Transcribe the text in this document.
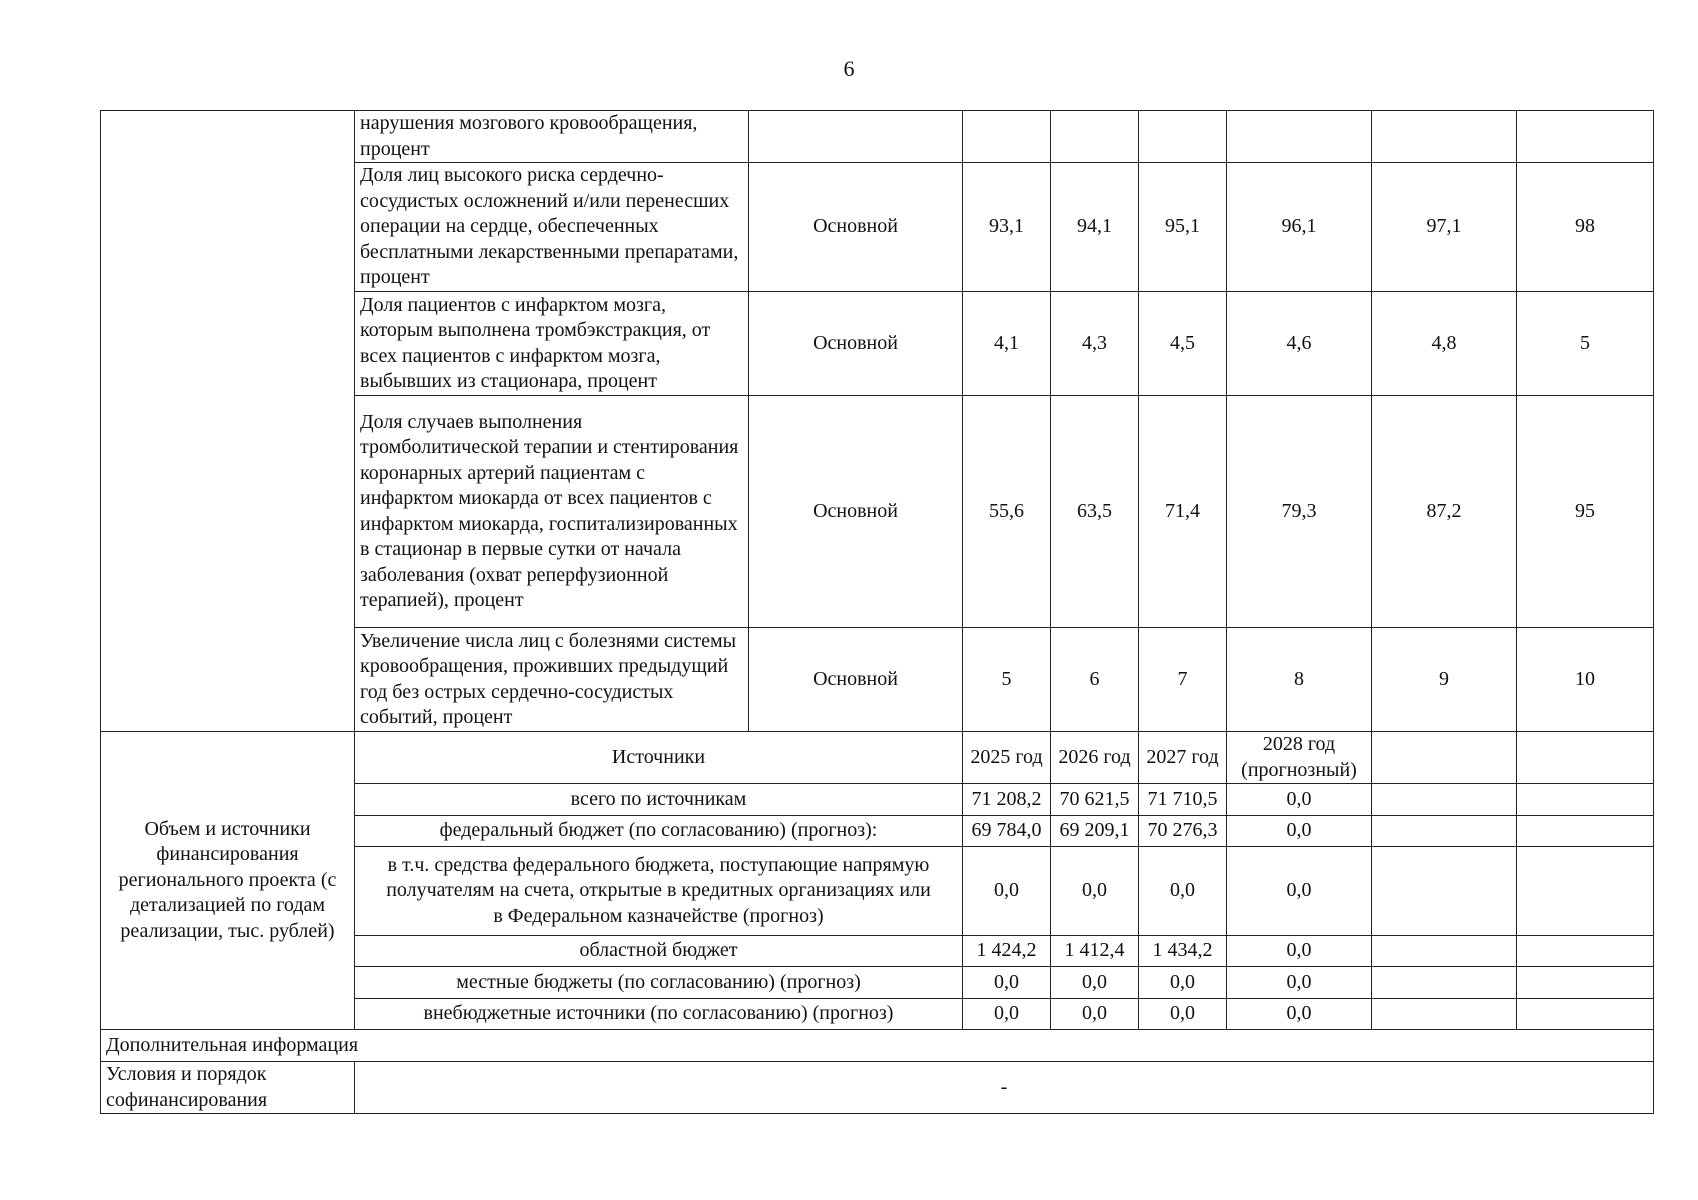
6
	нарушения мозгового кровообращения, процент							
	Доля лиц высокого риска сердечно-сосудистых осложнений и/или перенесших операции на сердце, обеспеченных бесплатными лекарственными препаратами, процент	Основной	93,1	94,1	95,1	96,1	97,1	98
	Доля пациентов с инфарктом мозга, которым выполнена тромбэкстракция, от всех пациентов с инфарктом мозга, выбывших из стационара, процент	Основной	4,1	4,3	4,5	4,6	4,8	5
	Доля случаев выполнения тромболитической терапии и стентирования коронарных артерий пациентам с инфарктом миокарда от всех пациентов с инфарктом миокарда, госпитализированных в стационар в первые сутки от начала заболевания (охват реперфузионной терапией), процент	Основной	55,6	63,5	71,4	79,3	87,2	95
	Увеличение числа лиц с болезнями системы кровообращения, проживших предыдущий год без острых сердечно-сосудистых событий, процент	Основной	5	6	7	8	9	10
Объем и источники финансирования регионального проекта (с детализацией по годам реализации, тыс. рублей)	Источники		2025 год	2026 год	2027 год	2028 год (прогнозный)		
	всего по источникам		71 208,2	70 621,5	71 710,5	0,0		
	федеральный бюджет (по согласованию) (прогноз):		69 784,0	69 209,1	70 276,3	0,0		
	в т.ч. средства федерального бюджета, поступающие напрямую получателям на счета, открытые в кредитных организациях или в Федеральном казначействе (прогноз)		0,0	0,0	0,0	0,0		
	областной бюджет		1 424,2	1 412,4	1 434,2	0,0		
	местные бюджеты (по согласованию) (прогноз)		0,0	0,0	0,0	0,0		
	внебюджетные источники (по согласованию) (прогноз)		0,0	0,0	0,0	0,0		
Дополнительная информация								
Условия и порядок софинансирования	-							
